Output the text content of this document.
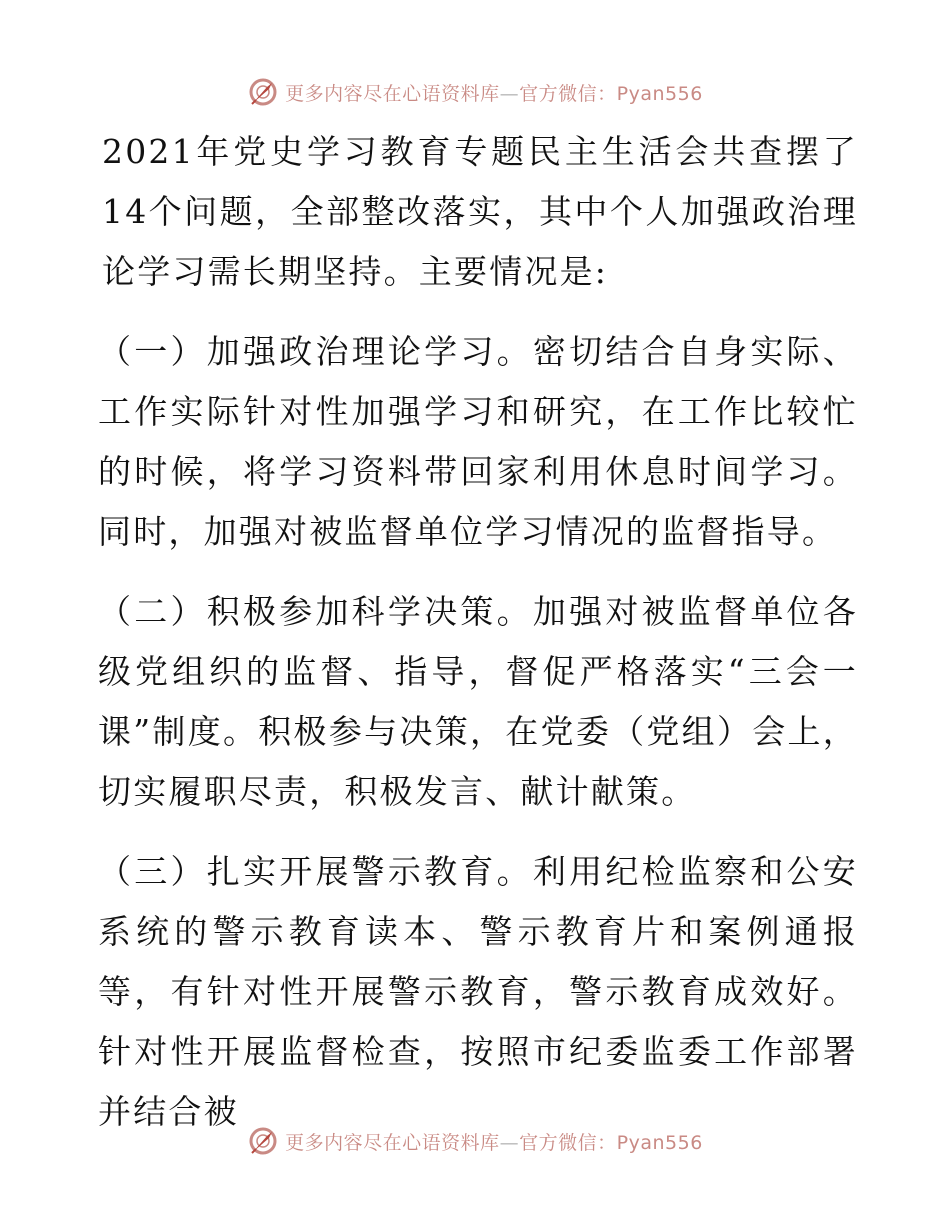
更多内容尽在心语资料库—官方微信：Pyan556

2021年党史学习教育专题民主生活会共查摆了14个问题，全部整改落实，其中个人加强政治理论学习需长期坚持。主要情况是:

（一）加强政治理论学习。密切结合自身实际、工作实际针对性加强学习和研究，在工作比较忙的时候，将学习资料带回家利用休息时间学习。同时，加强对被监督单位学习情况的监督指导。

（二）积极参加科学决策。加强对被监督单位各级党组织的监督、指导，督促严格落实“三会一课”制度。积极参与决策，在党委（党组）会上，切实履职尽责，积极发言、献计献策。

（三）扎实开展警示教育。利用纪检监察和公安系统的警示教育读本、警示教育片和案例通报等，有针对性开展警示教育，警示教育成效好。针对性开展监督检查，按照市纪委监委工作部署并结合被

更多内容尽在心语资料库—官方微信：Pyan556
